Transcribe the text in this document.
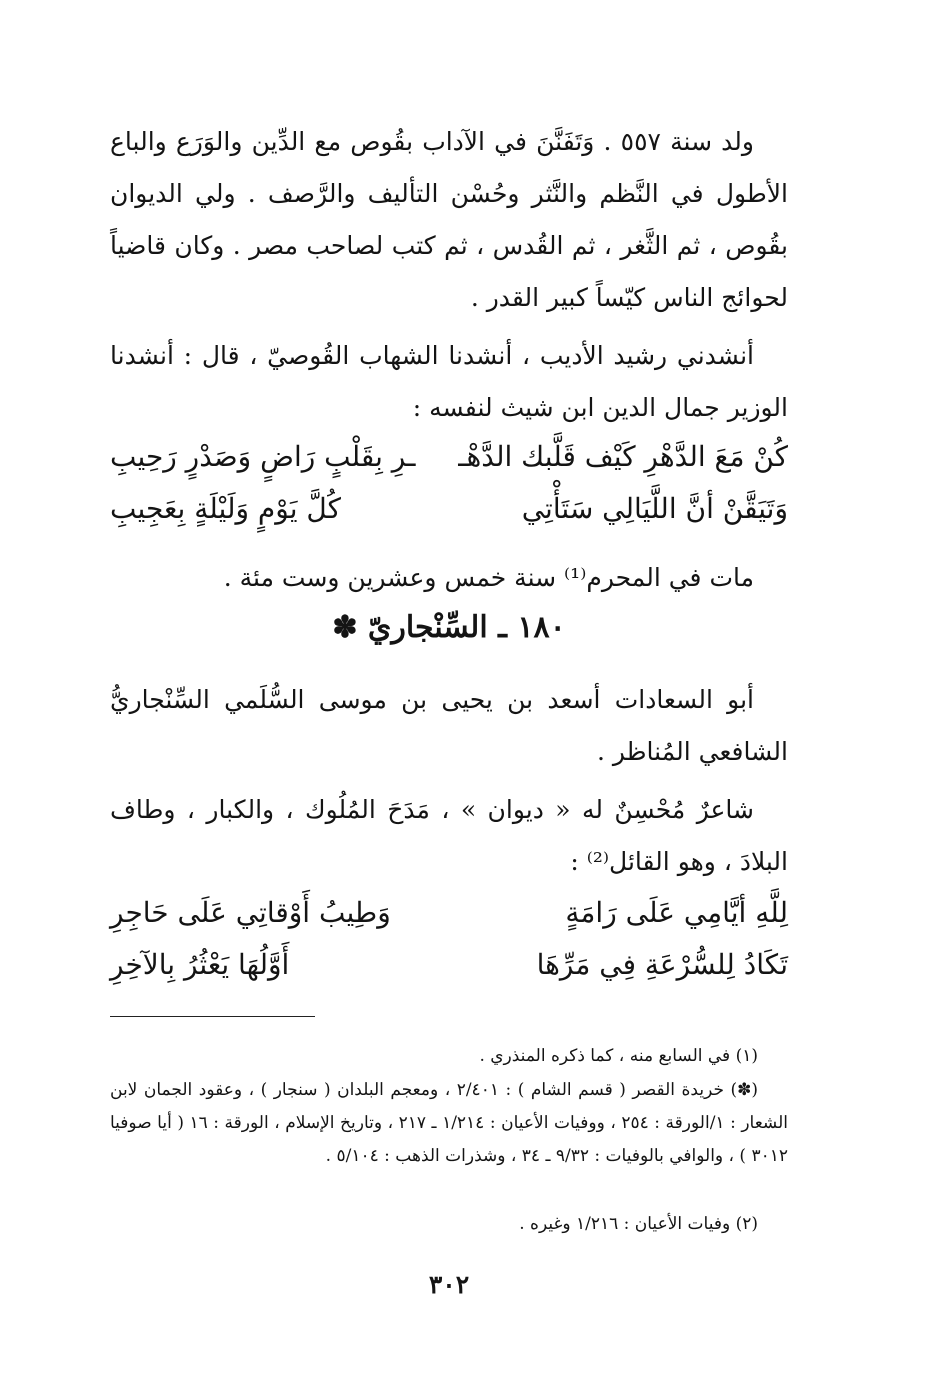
ولد سنة ٥٥٧ . وَتَفَنَّنَ في الآداب بقُوص مع الدِّين والوَرَع والباع الأطول في النَّظم والنَّثر وحُسْن التأليف والرَّصف . ولي الديوان بقُوص ، ثم الثَّغر ، ثم القُدس ، ثم كتب لصاحب مصر . وكان قاضياً لحوائج الناس كيّساً كبير القدر .

أنشدني رشيد الأديب ، أنشدنا الشهاب القُوصيّ ، قال : أنشدنا الوزير جمال الدين ابن شيث لنفسه :

كُنْ مَعَ الدَّهْرِ كَيْف قَلَّبك الدَّهْـ
ـرِ بِقَلْبٍ رَاضٍ وَصَدْرٍ رَحِيبِ
وَتَيَقَّنْ أنَّ اللَّيَالِي سَتَأْتِي
كُلَّ يَوْمٍ وَلَيْلَةٍ بِعَجِيبِ

مات في المحرم⁽¹⁾ سنة خمس وعشرين وست مئة .

١٨٠ ـ السِّنْجاريّ ✽

أبو السعادات أسعد بن يحيى بن موسى السُّلَمي السِّنْجاريُّ الشافعي المُناظر .

شاعرٌ مُحْسِنٌ له « ديوان » ، مَدَحَ المُلُوك ، والكبار ، وطاف البلادَ ، وهو القائل⁽²⁾ :

لِلَّهِ أيَّامِي عَلَى رَامَةٍ
وَطِيبُ أَوْقاتِي عَلَى حَاجِرِ
تَكَادُ لِلسُّرْعَةِ فِي مَرِّهَا
أَوَّلُهَا يَعْثُرُ بِالآخِرِ

(١) في السابع منه ، كما ذكره المنذري .

(✽) خريدة القصر ( قسم الشام ) : ٢/٤٠١ ، ومعجم البلدان ( سنجار ) ، وعقود الجمان لابن الشعار : ١/الورقة : ٢٥٤ ، ووفيات الأعيان : ١/٢١٤ ـ ٢١٧ ، وتاريخ الإسلام ، الورقة : ١٦ ( أيا صوفيا ٣٠١٢ ) ، والوافي بالوفيات : ٩/٣٢ ـ ٣٤ ، وشذرات الذهب : ٥/١٠٤ .

(٢) وفيات الأعيان : ١/٢١٦ وغيره .

٣٠٢
